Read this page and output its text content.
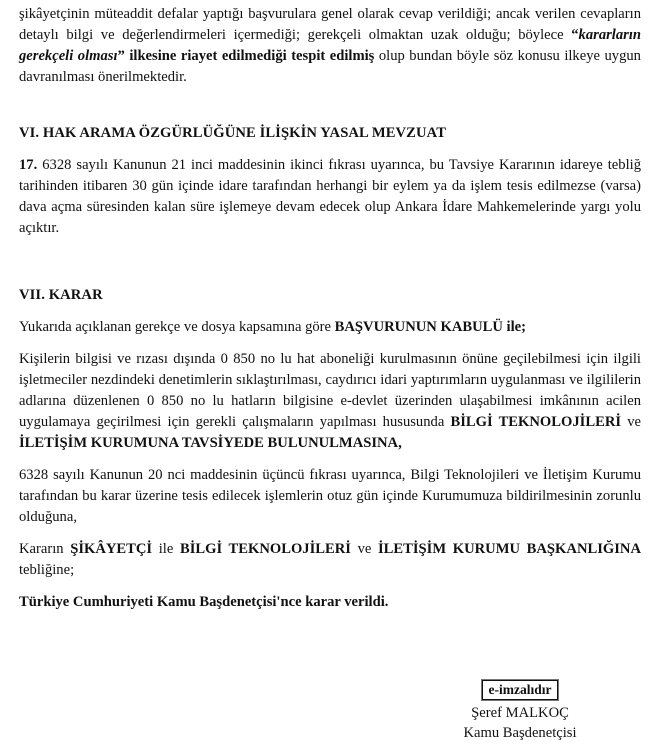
şikâyetçinin müteaddit defalar yaptığı başvurulara genel olarak cevap verildiği; ancak verilen cevapların detaylı bilgi ve değerlendirmeleri içermediği; gerekçeli olmaktan uzak olduğu; böylece “kararların gerekçeli olması” ilkesine riayet edilmediği tespit edilmiş olup bundan böyle söz konusu ilkeye uygun davranılması önerilmektedir.

VI. HAK ARAMA ÖZGÜRLÜĞÜNE İLİŞKİN YASAL MEVZUAT

17. 6328 sayılı Kanunun 21 inci maddesinin ikinci fıkrası uyarınca, bu Tavsiye Kararının idareye tebliğ tarihinden itibaren 30 gün içinde idare tarafından herhangi bir eylem ya da işlem tesis edilmezse (varsa) dava açma süresinden kalan süre işlemeye devam edecek olup Ankara İdare Mahkemelerinde yargı yolu açıktır.

VII. KARAR

Yukarıda açıklanan gerekçe ve dosya kapsamına göre BAŞVURUNUN KABULÜ ile;

Kişilerin bilgisi ve rızası dışında 0 850 no lu hat aboneliği kurulmasının önüne geçilebilmesi için ilgili işletmeciler nezdindeki denetimlerin sıklaştırılması, caydırıcı idari yaptırımların uygulanması ve ilgililerin adlarına düzenlenen 0 850 no lu hatların bilgisine e-devlet üzerinden ulaşabilmesi imkânının acilen uygulamaya geçirilmesi için gerekli çalışmaların yapılması hususunda BİLGİ TEKNOLOJİLERİ ve İLETİŞİM KURUMUNA TAVSİYEDE BULUNULMASINA,

6328 sayılı Kanunun 20 nci maddesinin üçüncü fıkrası uyarınca, Bilgi Teknolojileri ve İletişim Kurumu tarafından bu karar üzerine tesis edilecek işlemlerin otuz gün içinde Kurumumuza bildirilmesinin zorunlu olduğuna,

Kararın ŞİKÂYETÇİ ile BİLGİ TEKNOLOJİLERİ ve İLETİŞİM KURUMU BAŞKANLIĞINA tebliğine;

Türkiye Cumhuriyeti Kamu Başdenetçisi'nce karar verildi.

e-imzalıdır
Şeref MALKOÇ
Kamu Başdenetçisi
